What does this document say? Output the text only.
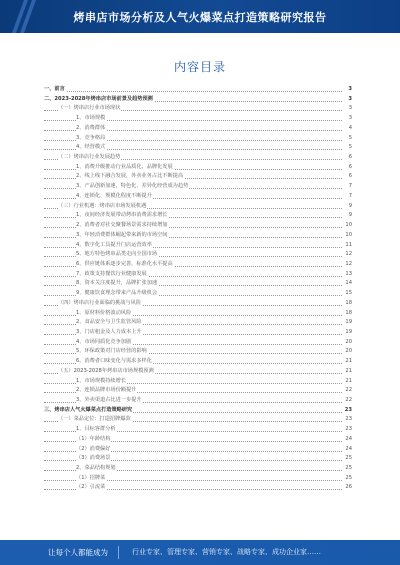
烤串店市场分析及人气火爆菜点打造策略研究报告
内容目录
一、前言	3
二、2023-2028年烤串店市场前景及趋势预测	3
（一）烤串店行业市场现状	3
1、市场规模	3
2、消费群体	4
3、竞争格局	5
4、经营模式	5
（二）烤串店行业发展趋势	6
1、消费升级推动行业品质化、品牌化发展	6
2、线上线下融合发展，外卖业务占比不断提高	6
3、产品创新加速，特色化、差异化经营成为趋势	7
4、连锁化、规模化程度不断提升	7
（三）行业机遇：烤串店市场发展机遇	9
1、夜间经济发展带动烤串消费需求增长	9
2、消费者对社交聚餐场景需求持续增加	10
3、年轻消费群体崛起带来新的市场空间	10
4、数字化工具提升门店运营效率	11
5、地方特色烤串品类走向全国市场	12
6、供应链体系逐步完善，标准化水平提高	12
7、政策支持餐饮行业健康发展	13
8、资本关注度提升，品牌扩张加速	14
9、健康饮食理念带来产品升级机会	15
（四）烤串店行业面临的挑战与风险	18
1、原材料价格波动风险	18
2、食品安全与卫生监管风险	19
3、门店租金及人力成本上升	19
4、市场同质化竞争加剧	20
5、环保政策对门店经营的影响	20
6、消费者口味变化与需求多样化	21
（五）2023-2028年烤串店市场规模预测	21
1、市场规模持续增长	21
2、连锁品牌市场份额提升	22
3、外卖渠道占比进一步提升	22
三、烤串店人气火爆菜点打造策略研究	23
（一）菜品定位：打造招牌爆款	23
1、目标客群分析	23
（1）年龄结构	24
（2）消费偏好	24
（3）消费场景	25
2、菜品结构规划	25
（1）招牌菜	25
（2）引流菜	26
让每个人都能成为	行业专家、管理专家、营销专家、战略专家、成功企业家……
